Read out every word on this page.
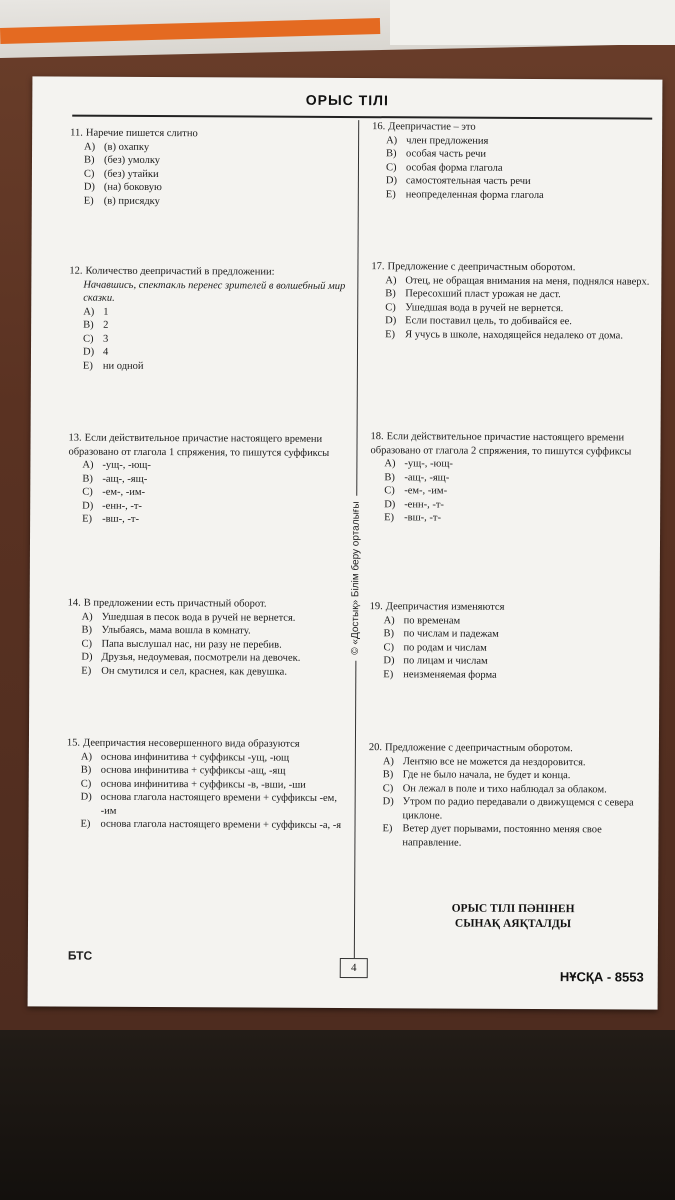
ОРЫС ТІЛІ
© «Достық» Білім беру орталығы

11. Наречие пишется слитно

A) (в) охапку
B) (без) умолку
C) (без) утайки
D) (на) боковую
E) (в) присядку

12. Количество деепричастий в предложении:

Начавшись, спектакль перенес зрителей в волшебный мир сказки.
A) 1
B) 2
C) 3
D) 4
E) ни одной

13. Если действительное причастие настоящего времени образовано от глагола 1 спряжения, то пишутся суффиксы

A) -ущ-, -ющ-
B) -ащ-, -ящ-
C) -ем-, -им-
D) -енн-, -т-
E) -вш-, -т-

14. В предложении есть причастный оборот.

A) Ушедшая в песок вода в ручей не вернется.
B) Улыбаясь, мама вошла в комнату.
C) Папа выслушал нас, ни разу не перебив.
D) Друзья, недоумевая, посмотрели на девочек.
E) Он смутился и сел, краснея, как девушка.

15. Деепричастия несовершенного вида образуются

A) основа инфинитива + суффиксы -ущ, -ющ
B) основа инфинитива + суффиксы -ащ, -ящ
C) основа инфинитива + суффиксы -в, -вши, -ши
D) основа глагола настоящего времени + суффиксы -ем, -им
E) основа глагола настоящего времени + суффиксы -а, -я

16. Деепричастие – это

A) член предложения
B) особая часть речи
C) особая форма глагола
D) самостоятельная часть речи
E) неопределенная форма глагола

17. Предложение с деепричастным оборотом.

A) Отец, не обращая внимания на меня, поднялся наверх.
B) Пересохший пласт урожая не даст.
C) Ушедшая вода в ручей не вернется.
D) Если поставил цель, то добивайся ее.
E) Я учусь в школе, находящейся недалеко от дома.

18. Если действительное причастие настоящего времени образовано от глагола 2 спряжения, то пишутся суффиксы

A) -ущ-, -ющ-
B) -ащ-, -ящ-
C) -ем-, -им-
D) -енн-, -т-
E) -вш-, -т-

19. Деепричастия изменяются

A) по временам
B) по числам и падежам
C) по родам и числам
D) по лицам и числам
E) неизменяемая форма

20. Предложение с деепричастным оборотом.

A) Лентяю все не можется да нездоровится.
B) Где не было начала, не будет и конца.
C) Он лежал в поле и тихо наблюдал за облаком.
D) Утром по радио передавали о движущемся с севера циклоне.
E) Ветер дует порывами, постоянно меняя свое направление.
ОРЫС ТІЛІ ПӘНІНЕН
СЫНАҚ АЯҚТАЛДЫ
БТС
4
НҰСҚА - 8553
